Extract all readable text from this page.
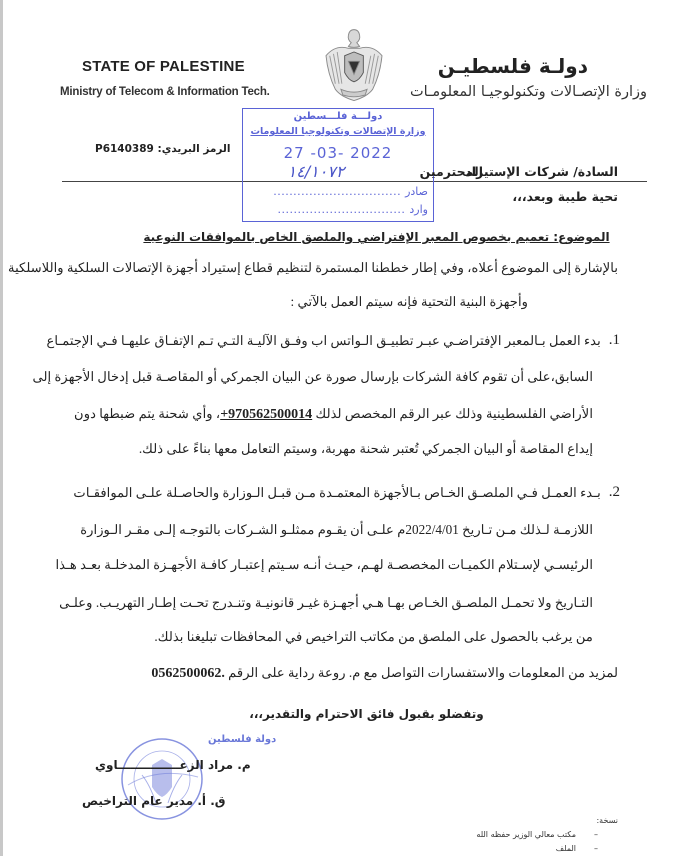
STATE OF PALESTINE
Ministry of Telecom & Information Tech.
دولـة فلسطيـن
وزارة الإتصـالات وتكنولوجيـا المعلومـات
دولـــة فلـــسطين
وزارة الإتصالات وتكنولوجيا المعلومات
27 -03- 2022
١٤/١٠٧٢
صادر
................................
وارد
................................
الرمز البريدي: P6140389
السادة/ شركات الإستيراد
المحترمين
تحية طيبة وبعد،،،
الموضوع: تعميم بخصوص المعبر الإفتراضي والملصق الخاص بالموافقات النوعية
بالإشارة إلى الموضوع أعلاه، وفي إطار خططنا المستمرة لتنظيم قطاع إستيراد أجهزة الإتصالات السلكية واللاسلكية
وأجهزة البنية التحتية فإنه سيتم العمل بالآتي :
1.
بدء العمل بـالمعبر الإفتراضـي عبـر تطبيـق الـواتس اب وفـق الآليـة التـي تـم الإتفـاق عليهـا فـي الإجتمـاع
السابق،على أن تقوم كافة الشركات بإرسال صورة عن البيان الجمركي أو المقاصـة قبل إدخال الأجهزة إلى
الأراضي الفلسطينية وذلك عبر الرقم المخصص لذلك +970562500014، وأي شحنة يتم ضبطها دون
إيداع المقاصة أو البيان الجمركي تُعتبر شحنة مهربة، وسيتم التعامل معها بناءً على ذلك.
2.
بـدء العمـل فـي الملصـق الخـاص بـالأجهزة المعتمـدة مـن قبـل الـوزارة والحاصـلة علـى الموافقـات
اللازمـة لـذلك مـن تـاريخ 2022/4/01م علـى أن يقـوم ممثلـو الشـركات بالتوجـه إلـى مقـر الـوزارة
الرئيسـي لإسـتلام الكميـات المخصصـة لهـم، حيـث أنـه سـيتم إعتبـار كافـة الأجهـزة المدخلـة بعـد هـذا
التـاريخ ولا تحمـل الملصـق الخـاص بهـا هـي أجهـزة غيـر قانونيـة وتنـدرج تحـت إطـار التهريـب. وعلـى
من يرغب بالحصول على الملصق من مكاتب التراخيص في المحافظات تبليغنا بذلك.
لمزيد من المعلومات والاستفسارات التواصل مع م. روعة رداية على الرقم 0562500062.
وتفضلو بقبول فائق الاحترام والتقدير،،،
دولة فلسطين
م. مراد الزعـــــــــــــــاوي
ق. أ. مدير عام التراخيص
نسخة:
–
مكتب معالي الوزير حفظه الله
–
الملف
